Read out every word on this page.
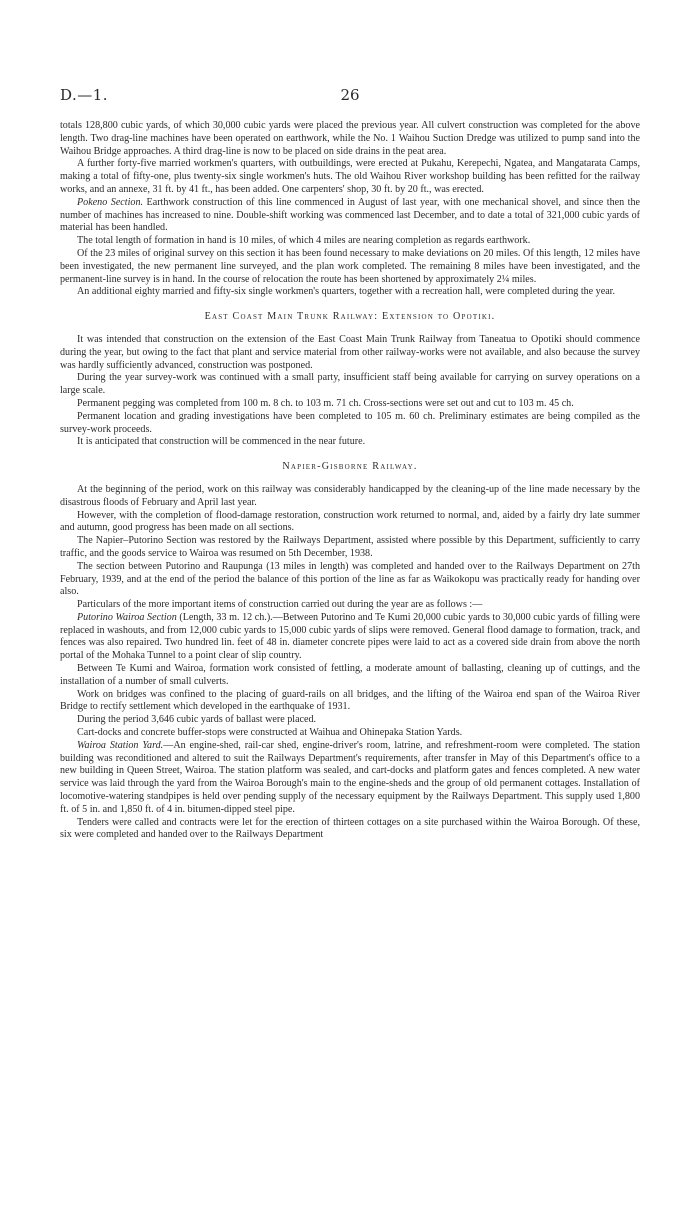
D.—1.	26

totals 128,800 cubic yards, of which 30,000 cubic yards were placed the previous year. All culvert construction was completed for the above length. Two drag-line machines have been operated on earthwork, while the No. 1 Waihou Suction Dredge was utilized to pump sand into the Waihou Bridge approaches. A third drag-line is now to be placed on side drains in the peat area.

A further forty-five married workmen's quarters, with outbuildings, were erected at Pukahu, Kerepechi, Ngatea, and Mangatarata Camps, making a total of fifty-one, plus twenty-six single workmen's huts. The old Waihou River workshop building has been refitted for the railway works, and an annexe, 31 ft. by 41 ft., has been added. One carpenters' shop, 30 ft. by 20 ft., was erected.

Pokeno Section. Earthwork construction of this line commenced in August of last year, with one mechanical shovel, and since then the number of machines has increased to nine. Double-shift working was commenced last December, and to date a total of 321,000 cubic yards of material has been handled.

The total length of formation in hand is 10 miles, of which 4 miles are nearing completion as regards earthwork.

Of the 23 miles of original survey on this section it has been found necessary to make deviations on 20 miles. Of this length, 12 miles have been investigated, the new permanent line surveyed, and the plan work completed. The remaining 8 miles have been investigated, and the permanent-line survey is in hand. In the course of relocation the route has been shortened by approximately 2¼ miles.

An additional eighty married and fifty-six single workmen's quarters, together with a recreation hall, were completed during the year.

East Coast Main Trunk Railway: Extension to Opotiki.

It was intended that construction on the extension of the East Coast Main Trunk Railway from Taneatua to Opotiki should commence during the year, but owing to the fact that plant and service material from other railway-works were not available, and also because the survey was hardly sufficiently advanced, construction was postponed.

During the year survey-work was continued with a small party, insufficient staff being available for carrying on survey operations on a large scale.

Permanent pegging was completed from 100 m. 8 ch. to 103 m. 71 ch. Cross-sections were set out and cut to 103 m. 45 ch.

Permanent location and grading investigations have been completed to 105 m. 60 ch. Preliminary estimates are being compiled as the survey-work proceeds.

It is anticipated that construction will be commenced in the near future.

Napier-Gisborne Railway.

At the beginning of the period, work on this railway was considerably handicapped by the cleaning-up of the line made necessary by the disastrous floods of February and April last year.

However, with the completion of flood-damage restoration, construction work returned to normal, and, aided by a fairly dry late summer and autumn, good progress has been made on all sections.

The Napier–Putorino Section was restored by the Railways Department, assisted where possible by this Department, sufficiently to carry traffic, and the goods service to Wairoa was resumed on 5th December, 1938.

The section between Putorino and Raupunga (13 miles in length) was completed and handed over to the Railways Department on 27th February, 1939, and at the end of the period the balance of this portion of the line as far as Waikokopu was practically ready for handing over also.

Particulars of the more important items of construction carried out during the year are as follows :—

Putorino Wairoa Section (Length, 33 m. 12 ch.).—Between Putorino and Te Kumi 20,000 cubic yards to 30,000 cubic yards of filling were replaced in washouts, and from 12,000 cubic yards to 15,000 cubic yards of slips were removed. General flood damage to formation, track, and fences was also repaired. Two hundred lin. feet of 48 in. diameter concrete pipes were laid to act as a covered side drain from above the north portal of the Mohaka Tunnel to a point clear of slip country.

Between Te Kumi and Wairoa, formation work consisted of fettling, a moderate amount of ballasting, cleaning up of cuttings, and the installation of a number of small culverts.

Work on bridges was confined to the placing of guard-rails on all bridges, and the lifting of the Wairoa end span of the Wairoa River Bridge to rectify settlement which developed in the earthquake of 1931.

During the period 3,646 cubic yards of ballast were placed.

Cart-docks and concrete buffer-stops were constructed at Waihua and Ohinepaka Station Yards.

Wairoa Station Yard.—An engine-shed, rail-car shed, engine-driver's room, latrine, and refreshment-room were completed. The station building was reconditioned and altered to suit the Railways Department's requirements, after transfer in May of this Department's office to a new building in Queen Street, Wairoa. The station platform was sealed, and cart-docks and platform gates and fences completed. A new water service was laid through the yard from the Wairoa Borough's main to the engine-sheds and the group of old permanent cottages. Installation of locomotive-watering standpipes is held over pending supply of the necessary equipment by the Railways Department. This supply used 1,800 ft. of 5 in. and 1,850 ft. of 4 in. bitumen-dipped steel pipe.

Tenders were called and contracts were let for the erection of thirteen cottages on a site purchased within the Wairoa Borough. Of these, six were completed and handed over to the Railways Department
